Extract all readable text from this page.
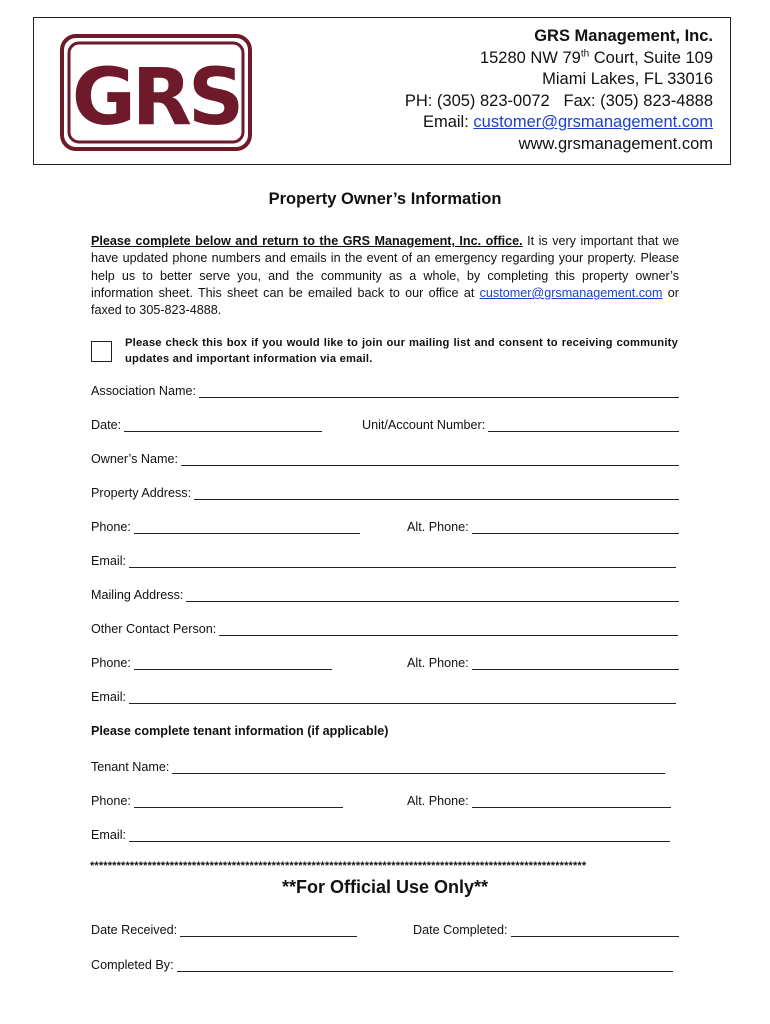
GRS
GRS Management, Inc.
15280 NW 79th Court, Suite 109
Miami Lakes, FL 33016
PH: (305) 823-0072   Fax: (305) 823-4888
Email: customer@grsmanagement.com
www.grsmanagement.com
Property Owner’s Information
Please complete below and return to the GRS Management, Inc. office. It is very important that we have updated phone numbers and emails in the event of an emergency regarding your property. Please help us to better serve you, and the community as a whole, by completing this property owner’s information sheet. This sheet can be emailed back to our office at customer@grsmanagement.com or faxed to 305-823-4888.
Please check this box if you would like to join our mailing list and consent to receiving community updates and important information via email.
Association Name:
Date:	Unit/Account Number:
Owner’s Name:
Property Address:
Phone:	Alt. Phone:
Email:
Mailing Address:
Other Contact Person:
Phone:	Alt. Phone:
Email:
Please complete tenant information (if applicable)
Tenant Name:
Phone:	Alt. Phone:
Email:
****************************************************************************************************************
**For Official Use Only**
Date Received:	Date Completed:
Completed By:
